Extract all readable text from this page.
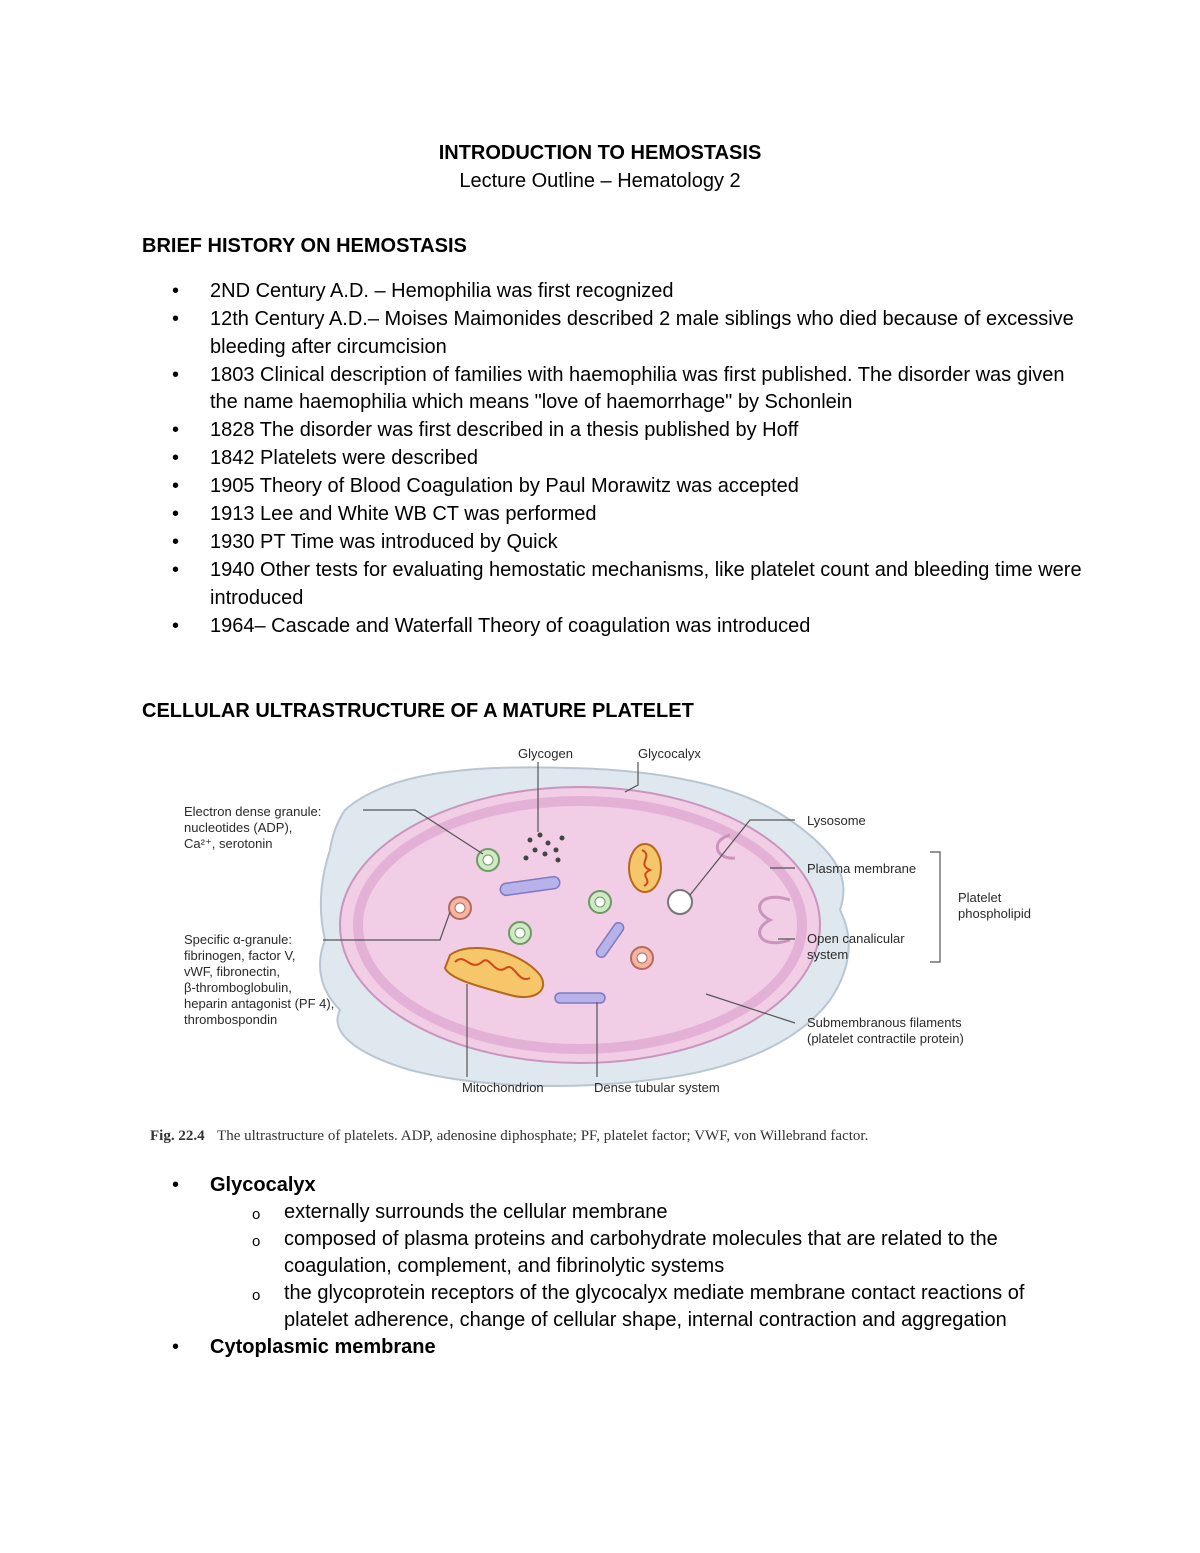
INTRODUCTION TO HEMOSTASIS
Lecture Outline – Hematology 2
BRIEF HISTORY ON HEMOSTASIS
• 2ND Century A.D. – Hemophilia was first recognized
• 12th Century A.D.– Moises Maimonides described 2 male siblings who died because of excessive bleeding after circumcision
• 1803 Clinical description of families with haemophilia was first published. The disorder was given the name haemophilia which means "love of haemorrhage" by Schonlein
• 1828 The disorder was first described in a thesis published by Hoff
• 1842 Platelets were described
• 1905 Theory of Blood Coagulation by Paul Morawitz was accepted
• 1913 Lee and White WB CT was performed
• 1930 PT Time was introduced by Quick
• 1940 Other tests for evaluating hemostatic mechanisms, like platelet count and bleeding time were introduced
• 1964– Cascade and Waterfall Theory of coagulation was introduced
CELLULAR ULTRASTRUCTURE OF A MATURE PLATELET
Glycogen	Glycocalyx
Electron dense granule:
nucleotides (ADP),
Ca²⁺, serotonin
Lysosome
Plasma membrane
Platelet
phospholipid
Specific α-granule:
fibrinogen, factor V,
vWF, fibronectin,
β-thromboglobulin,
heparin antagonist (PF 4),
thrombospondin
Open canalicular
system
Submembranous filaments
(platelet contractile protein)
Mitochondrion	Dense tubular system
Fig. 22.4 The ultrastructure of platelets. ADP, adenosine diphosphate; PF, platelet factor; VWF, von Willebrand factor.
• Glycocalyx
o externally surrounds the cellular membrane
o composed of plasma proteins and carbohydrate molecules that are related to the coagulation, complement, and fibrinolytic systems
o the glycoprotein receptors of the glycocalyx mediate membrane contact reactions of platelet adherence, change of cellular shape, internal contraction and aggregation
• Cytoplasmic membrane
